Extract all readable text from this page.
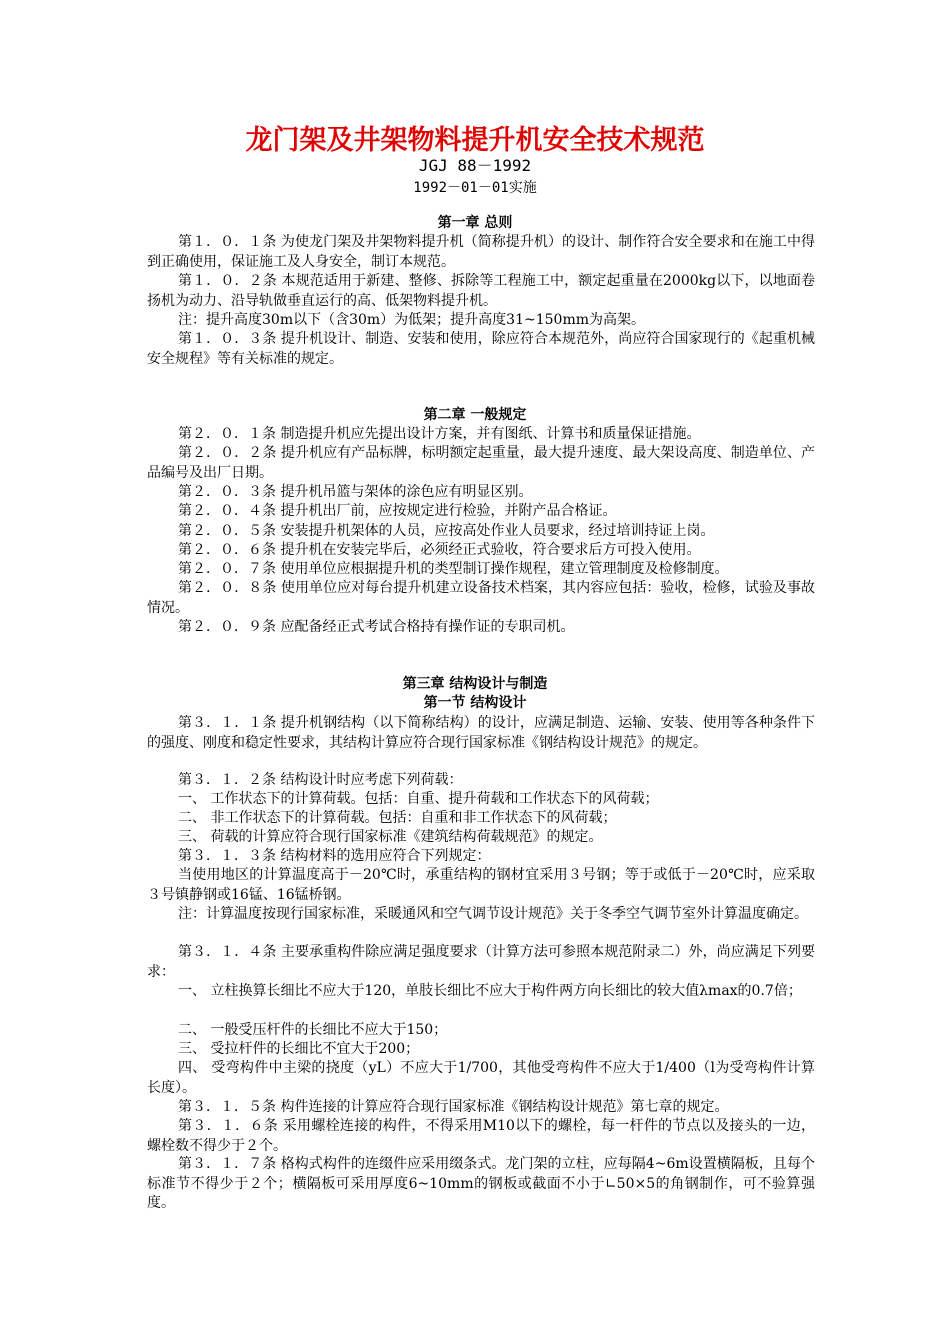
龙门架及井架物料提升机安全技术规范
JGJ 88－1992
1992－01－01实施
第一章 总则
第１．０．１条 为使龙门架及井架物料提升机（简称提升机）的设计、制作符合安全要求和在施工中得到正确使用，保证施工及人身安全，制订本规范。
第１．０．２条 本规范适用于新建、整修、拆除等工程施工中，额定起重量在2000kg以下，以地面卷扬机为动力、沿导轨做垂直运行的高、低架物料提升机。
注：提升高度30m以下（含30m）为低架；提升高度31~150mm为高架。
第１．０．３条 提升机设计、制造、安装和使用，除应符合本规范外，尚应符合国家现行的《起重机械安全规程》等有关标准的规定。
第二章 一般规定
第２．０．１条 制造提升机应先提出设计方案，并有图纸、计算书和质量保证措施。
第２．０．２条 提升机应有产品标牌，标明额定起重量，最大提升速度、最大架设高度、制造单位、产品编号及出厂日期。
第２．０．３条 提升机吊篮与架体的涂色应有明显区别。
第２．０．４条 提升机出厂前，应按规定进行检验，并附产品合格证。
第２．０．５条 安装提升机架体的人员，应按高处作业人员要求，经过培训持证上岗。
第２．０．６条 提升机在安装完毕后，必须经正式验收，符合要求后方可投入使用。
第２．０．７条 使用单位应根据提升机的类型制订操作规程，建立管理制度及检修制度。
第２．０．８条 使用单位应对每台提升机建立设备技术档案，其内容应包括：验收，检修，试验及事故情况。
第２．０．９条 应配备经正式考试合格持有操作证的专职司机。
第三章 结构设计与制造
第一节 结构设计
第３．１．１条 提升机钢结构（以下简称结构）的设计，应满足制造、运输、安装、使用等各种条件下的强度、刚度和稳定性要求，其结构计算应符合现行国家标准《钢结构设计规范》的规定。
第３．１．２条 结构设计时应考虑下列荷载：
一、 工作状态下的计算荷载。包括：自重、提升荷载和工作状态下的风荷载；
二、 非工作状态下的计算荷载。包括：自重和非工作状态下的风荷载；
三、 荷载的计算应符合现行国家标准《建筑结构荷载规范》的规定。
第３．１．３条 结构材料的选用应符合下列规定：
当使用地区的计算温度高于－20℃时，承重结构的钢材宜采用３号钢；等于或低于－20℃时，应采取３号镇静钢或16锰、16锰桥钢。
注：计算温度按现行国家标准，采暖通风和空气调节设计规范》关于冬季空气调节室外计算温度确定。
第３．１．４条 主要承重构件除应满足强度要求（计算方法可参照本规范附录二）外，尚应满足下列要求：
一、 立柱换算长细比不应大于120，单肢长细比不应大于构件两方向长细比的较大值λmax的0.7倍；
二、 一般受压杆件的长细比不应大于150；
三、 受拉杆件的长细比不宜大于200；
四、 受弯构件中主梁的挠度（yL）不应大于1/700，其他受弯构件不应大于1/400（l为受弯构件计算长度）。
第３．１．５条 构件连接的计算应符合现行国家标准《钢结构设计规范》第七章的规定。
第３．１．６条 采用螺栓连接的构件，不得采用M10以下的螺栓，每一杆件的节点以及接头的一边，螺栓数不得少于２个。
第３．１．７条 格构式构件的连缀件应采用缀条式。龙门架的立柱，应每隔4~6m设置横隔板，且每个标准节不得少于２个；横隔板可采用厚度6~10mm的钢板或截面不小于∟50×5的角钢制作，可不验算强度。
